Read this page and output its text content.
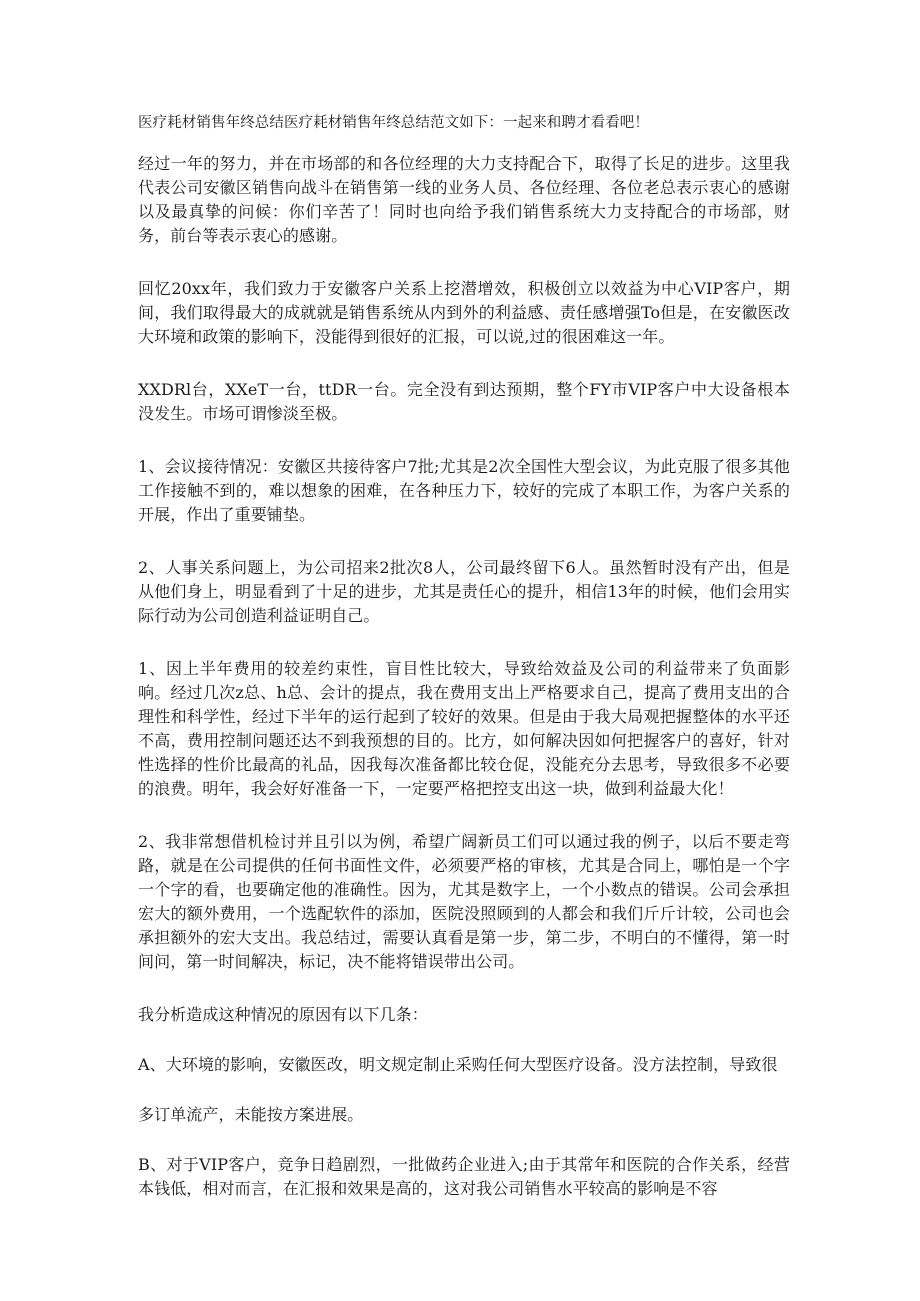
医疗耗材销售年终总结医疗耗材销售年终总结范文如下：一起来和聘才看看吧！

经过一年的努力，并在市场部的和各位经理的大力支持配合下，取得了长足的进步。这里我代表公司安徽区销售向战斗在销售第一线的业务人员、各位经理、各位老总表示衷心的感谢以及最真挚的问候：你们辛苦了！同时也向给予我们销售系统大力支持配合的市场部，财务，前台等表示衷心的感谢。

回忆20xx年，我们致力于安徽客户关系上挖潜增效，积极创立以效益为中心VIP客户，期间，我们取得最大的成就就是销售系统从内到外的利益感、责任感增强To但是，在安徽医改大环境和政策的影响下，没能得到很好的汇报，可以说,过的很困难这一年。

XXDRl台，XXeT一台，ttDR一台。完全没有到达预期，整个FY市VIP客户中大设备根本没发生。市场可谓惨淡至极。

1、会议接待情况：安徽区共接待客户7批;尤其是2次全国性大型会议，为此克服了很多其他工作接触不到的，难以想象的困难，在各种压力下，较好的完成了本职工作，为客户关系的开展，作出了重要铺垫。

2、人事关系问题上，为公司招来2批次8人，公司最终留下6人。虽然暂时没有产出，但是从他们身上，明显看到了十足的进步，尤其是责任心的提升，相信13年的时候，他们会用实际行动为公司创造利益证明自己。

1、因上半年费用的较差约束性，盲目性比较大，导致给效益及公司的利益带来了负面影响。经过几次z总、h总、会计的提点，我在费用支出上严格要求自己，提高了费用支出的合理性和科学性，经过下半年的运行起到了较好的效果。但是由于我大局观把握整体的水平还不高，费用控制问题还达不到我预想的目的。比方，如何解决因如何把握客户的喜好，针对性选择的性价比最高的礼品，因我每次准备都比较仓促，没能充分去思考，导致很多不必要的浪费。明年，我会好好准备一下，一定要严格把控支出这一块，做到利益最大化！

2、我非常想借机检讨并且引以为例，希望广阔新员工们可以通过我的例子，以后不要走弯路，就是在公司提供的任何书面性文件，必须要严格的审核，尤其是合同上，哪怕是一个字一个字的看，也要确定他的准确性。因为，尤其是数字上，一个小数点的错误。公司会承担宏大的额外费用，一个选配软件的添加，医院没照顾到的人都会和我们斤斤计较，公司也会承担额外的宏大支出。我总结过，需要认真看是第一步，第二步，不明白的不懂得，第一时间问，第一时间解决，标记，决不能将错误带出公司。

我分析造成这种情况的原因有以下几条：

A、大环境的影响，安徽医改，明文规定制止采购任何大型医疗设备。没方法控制，导致很

多订单流产，未能按方案进展。

B、对于VIP客户，竞争日趋剧烈，一批做药企业进入;由于其常年和医院的合作关系，经营本钱低，相对而言，在汇报和效果是高的，这对我公司销售水平较高的影响是不容
